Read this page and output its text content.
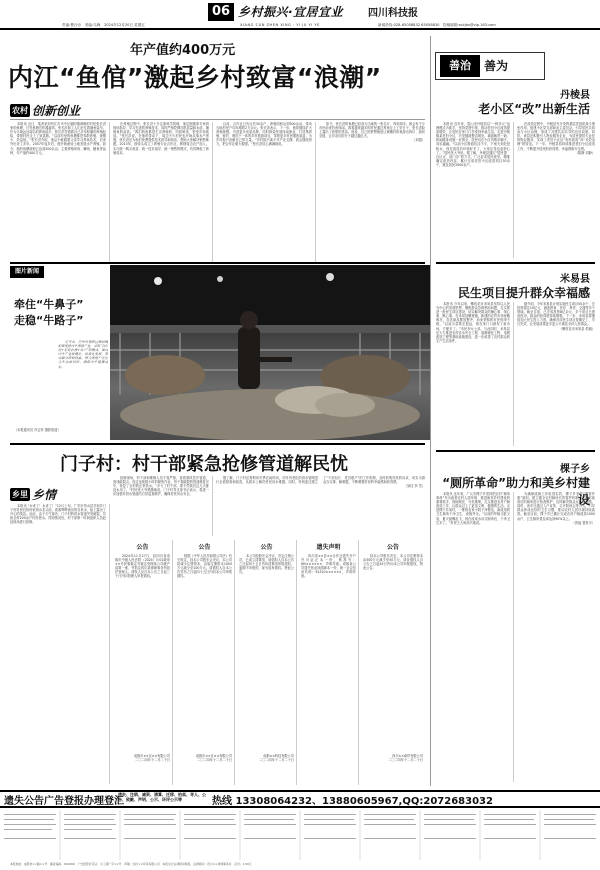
06 乡村振兴·宜居宜业 四川科技报
责编:曹沙沙　美编:乌梅　2024年12月20日 星期五	XIANG CUN ZHEN XING · YI JU YI YE	新闻热线:028-65058832 65058830　投稿邮箱:sckjbx@vip.163.com
年产值约400万元
内江“鱼倌”激起乡村致富“浪潮”
农村 创新创业

本报讯 近日，笔者来到内江市市中区朝阳镇黄桷村村民张长洪家的鱼塘，只见鱼塘边机器轰鸣，张长洪和工人们正忙着捕鱼装车。作为当地远近闻名的养鱼能手，张长洪凭借着自己多年积累的养殖经验，带领村民走上了致富路。“以前村里的鱼塘都是零散养殖，规模小、效益低。”张长洪介绍，他从小就跟着父亲学习养鱼技术，后来外出务工多年，2007年返乡后，便开始流转土地发展水产养殖。如今，他的鱼塘面积已达到200余亩，主要养殖草鱼、鲫鱼、鲢鱼等品种，年产值约400万元。

在养殖过程中，张长洪十分注重科学管理，他定期邀请专家到现场指导，学习先进的养殖技术，同时严格控制饲料质量和水质，确保鱼的品质。“我们的鱼都是生态养殖的，肉质鲜美，很受市场欢迎。”张长洪说。在他的带动下，周边不少村民也开始从事水产养殖，张长洪还为他们免费提供技术指导和鱼苗，帮助大家解决销售难题。2013年，他牵头成立了养殖专业合作社，吸纳周边农户加入，实行统一购买鱼苗、统一技术指导、统一销售的模式，有效降低了养殖成本。

目前，合作社已有社员30余户，养殖面积达到500余亩，带动当地村民户均年增收2万余元。张长洪表示，下一步，他将继续扩大养殖规模，引进更多优质品种，同时探索发展休闲渔业，打造集养殖、垂钓、餐饮于一体的乡村旅游项目，带领更多村民增收致富，为乡村振兴贡献自己的力量。“乡村振兴离不开产业支撑，我会继续努力，把合作社做大做强。”张长洪信心满满地说。

如今，张长洪的鱼塘已经成为当地的一张名片，每到周末，都会有不少市民前来钓鱼休闲。看着越来越多的村民通过养鱼过上了好日子，张长洪脸上露出了欣慰的笑容。他说，自己的梦想就是让黄桷村的鱼游出四川、游向全国，让乡亲们的日子越过越红火。

（刘超）
善治	善为
丹棱县
老小区“改”出新生活

本报讯 近年来，眉山市丹棱县以“一核多元”治理模式为抓手，坚持党建引领，推动老旧小区改造提质增效，让居民在家门口享受到幸福生活。走进丹棱镇某老旧小区，只见楼道整洁明亮，墙面焕然一新，休闲健身设施一应俱全，居民们在小区内散步聊天，其乐融融。“以前小区路面坑洼不平，下雨天到处是积水，现在改造后环境好多了，大家住得也更舒心了。”居民张大爷说。据了解，丹棱县通过“居民提、社区议、部门办”的方式，广泛征求居民意见，精准确定改造内容，累计完成老旧小区改造项目30余个，惠及居民2000余户。

在改造过程中，丹棱县充分发挥基层党组织战斗堡垒作用，组建小区党支部和业主委员会，引导居民共同参与小区治理，形成了共建共治共享的良好局面。同时，该县还积极引入物业服务企业，为居民提供专业化的物业服务，实现了老旧小区从“有形改造”向“长效治理”的转变。下一步，丹棱县将持续推进老旧小区改造工作，不断提升居民的获得感、幸福感和安全感。

（陈静 刘静）
米易县
民生项目提升群众幸福感

本报讯 今年以来，攀枝花市米易县坚持以人民为中心的发展思想，聚焦群众急难愁盼问题，扎实推进一批民生项目建设，切实解决群众的操心事、烦心事、揪心事。在米易县攀莲镇，新建的农贸市场宽敞明亮，各类商品摆放整齐，前来采购的市民络绎不绝。“以前买菜要走很远，现在家门口就有了新市场，方便多了。”市民李女士说。与此同时，米易县还大力推进农村饮水安全工程、道路硬化工程、电网改造工程等基础设施建设，进一步改善了农村群众的生产生活条件。

据介绍，今年米易县计划实施民生项目50余个，总投资超过10亿元，涵盖教育、医疗、养老、交通等多个领域。截至目前，已完成投资8亿余元，多个项目已建成投用，群众的获得感持续增强。下一步，米易县将继续加大民生投入力度，确保各项民生项目按期完工、早日见效，让发展成果更多更公平惠及全体人民群众。

（攀枝花市米易县 供稿）
棵子乡
“厕所革命”助力和美乡村建设

本报讯 近年来，广元市棵子乡坚持把农村“厕所革命”作为改善农村人居环境、推进和美乡村建设的重要抓手，因地制宜、分类施策，扎实推进农村户厕改造工作，让群众过上了更加文明、健康的生活。走进棵子乡某村，一栋栋农家小院干净整洁，新改造的卫生厕所干净卫生、设施齐全。“以前的旱厕又脏又臭，夏天蚊蝇乱飞，现在改成水冲式厕所后，干净卫生多了。”村民王大妈高兴地说。

为确保改厕工作取得实效，棵子乡坚持“建管并重”原则，建立健全农村厕所长效管护机制，定期对改造后的厕所进行检查维护，及时解决群众反映的问题。同时，该乡还通过入户宣传、召开院坝会等方式，引导群众养成良好的卫生习惯，推动农村人居环境持续改善。截至目前，棵子乡已累计完成农村户厕改造1000余户，卫生厕所普及率达到90%以上。

（曾福 曾贵平）
图片新闻
牵住“牛鼻子”
走稳“牛路子”

近年来，巴中市恩阳区柳林镇积极发展肉牛养殖产业，采取“合作社+家庭农场+农户”的模式，推动肉牛产业规模化、标准化发展，带动群众增收致富。图为养殖户正在为牛添加饲料，确保肉牛健康成长。

（本报通讯员 肖定怀 摄影报道）
门子村：村干部紧急抢修管道解民忧
乡里 乡情

本报讯 “水来了！水来了！”12月上旬，广安市邻水县甘坝乡门子村村民们纷纷来到水龙头前，看着哗哗流出的自来水，脸上露出了开心的笑容。此前，由于天气寒冷，门子村的供水管道突发破裂，导致全村200余户村民停水。得知情况后，村干部第一时间组织人员赶赴现场进行抢修。

抢修现场，村干部和维修人员不畏严寒，冒着寒风挖开管道，查找破裂点。经过连续数小时的紧张作业，终于将破裂的管道修复完毕，恢复了全村的正常供水。“多亏了村干部，要不然我们这几天都没水用了。”村民张大爷感激地说。门子村党支部书记表示，将进一步加强对供水管道的日常巡查维护，确保村民用水安全。

据了解，门子村还将利用冬季农闲时间，对村内老化的供水管网进行全面排查和改造，从根本上解决村民用水难题。同时，村两委还建立了“干部包片、党员联户”的工作机制，及时收集村民的诉求，切实为群众办实事、解难题，不断增强村民的幸福感和获得感。

（邹佳 李 雪）
公告

2024年11月27日，经四川省成都市中级人民法院（2024）川01破申××号民事裁定书裁定受理某公司破产清算一案，并指定四川某律师事务所担任管理人。债权人应自本公告之日起三十日内向管理人申报债权。

成都市××区××有限公司
二〇二四年十二月二十日
公告

根据《中华人民共和国公司法》有关规定，经本公司股东会决议，本公司拟减少注册资本，由原注册资本1000万元减少至100万元。请债权人自本公告发布之日起四十五日内向本公司申报债权。

成都市××区××有限公司
二〇二四年十二月二十日
公告

本公司经股东会决议，决定注销公司，已成立清算组，请债权人自本公告之日起四十五日内向清算组申报债权，逾期不申报的，视为放弃债权。特此公告。

成都××科技有限公司
二〇二四年十二月二十日
遗失声明

四川省××县××合作社遗失开户许可证正本一份，核准号：J65××××××，声明作废。成都某公司遗失营业执照副本一份，统一社会信用代码：91510××××××，声明作废。

公告

经本公司股东决定，本公司注册资本由500万元减少至50万元，请各债权人自公告之日起45日内向本公司申报债权，特此公告。

四川××商贸有限公司
二〇二四年十二月二十日
遗失公告广告登报办理登汇
遗失、注销、减资、清算、迁移、拍卖、寻人、公告、致歉、声明、公示、环评公示等	热线 13308064232、13880605967,QQ:2072683032
本报地址：成都市××路××号　邮政编码：610000　广告经营许可证：川工商广字××号　印刷：四川××印务有限公司　本报实行法律顾问制度，法律顾问：四川××律师事务所　定价：1.50元
